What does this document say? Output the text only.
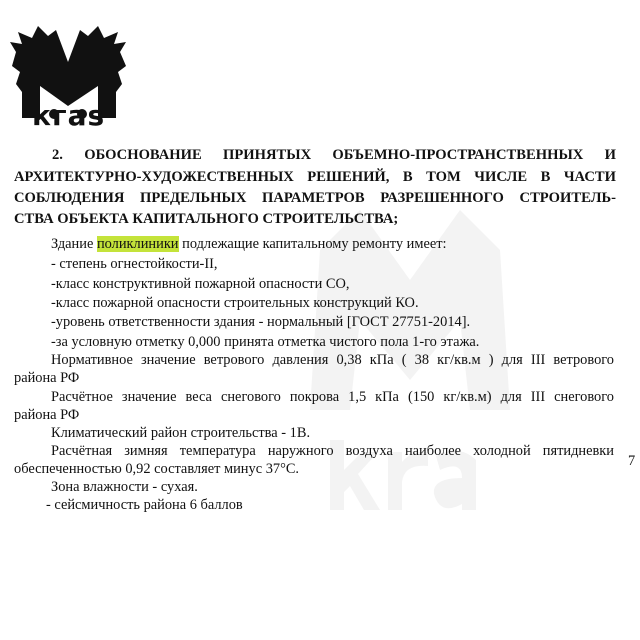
кгаs
2. ОБОСНОВАНИЕ ПРИНЯТЫХ ОБЪЕМНО-ПРОСТРАНСТВЕННЫХ И
АРХИТЕКТУРНО-ХУДОЖЕСТВЕННЫХ РЕШЕНИЙ, В ТОМ ЧИСЛЕ В ЧАСТИ
СОБЛЮДЕНИЯ ПРЕДЕЛЬНЫХ ПАРАМЕТРОВ РАЗРЕШЕННОГО СТРОИТЕЛЬ-
СТВА ОБЪЕКТА КАПИТАЛЬНОГО СТРОИТЕЛЬСТВА;
Здание поликлиники подлежащие капитальному ремонту имеет:
- степень огнестойкости-II,
-класс конструктивной пожарной опасности СО,
-класс пожарной опасности строительных конструкций КО.
-уровень ответственности здания - нормальный [ГОСТ 27751-2014].
-за условную отметку 0,000 принята отметка чистого пола 1-го этажа.
Нормативное значение ветрового давления 0,38 кПа ( 38 кг/кв.м ) для III ветрового
района РФ
Расчётное значение веса снегового покрова 1,5 кПа (150 кг/кв.м) для III снегового
района РФ
Климатический район строительства - 1В.
Расчётная зимняя температура наружного воздуха наиболее холодной пятидневки
обеспеченностью 0,92 составляет минус 37°С.
Зона влажности - сухая.
- сейсмичность района 6 баллов
7
